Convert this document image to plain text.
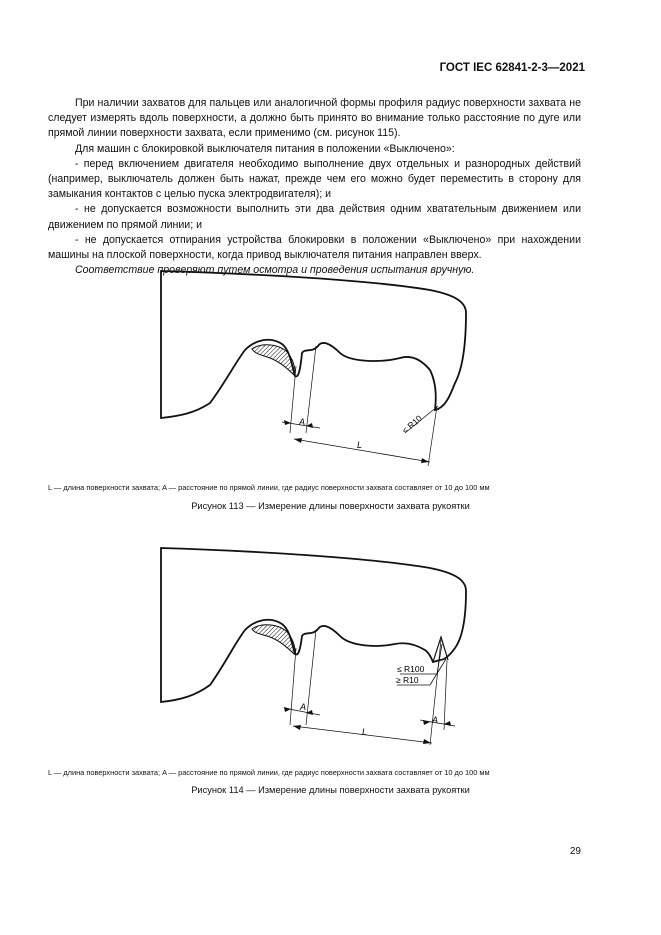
ГОСТ IEC 62841-2-3—2021

При наличии захватов для пальцев или аналогичной формы профиля радиус поверхности захвата не следует измерять вдоль поверхности, а должно быть принято во внимание только расстояние по дуге или прямой линии поверхности захвата, если применимо (см. рисунок 115).

Для машин с блокировкой выключателя питания в положении «Выключено»:

- перед включением двигателя необходимо выполнение двух отдельных и разнородных действий (например, выключатель должен быть нажат, прежде чем его можно будет переместить в сторону для замыкания контактов с целью пуска электродвигателя); и

- не допускается возможности выполнить эти два действия одним хватательным движением или движением по прямой линии; и

- не допускается отпирания устройства блокировки в положении «Выключено» при нахождении машины на плоской поверхности, когда привод выключателя питания направлен вверх.

Соответствие проверяют путем осмотра и проведения испытания вручную.

A
L
< R10
L — длина поверхности захвата; A — расстояние по прямой линии, где радиус поверхности захвата составляет от 10 до 100 мм
Рисунок 113 — Измерение длины поверхности захвата рукоятки
A
A
L
≤ R100
≥ R10
L — длина поверхности захвата; A — расстояние по прямой линии, где радиус поверхности захвата составляет от 10 до 100 мм
Рисунок 114 — Измерение длины поверхности захвата рукоятки
29
